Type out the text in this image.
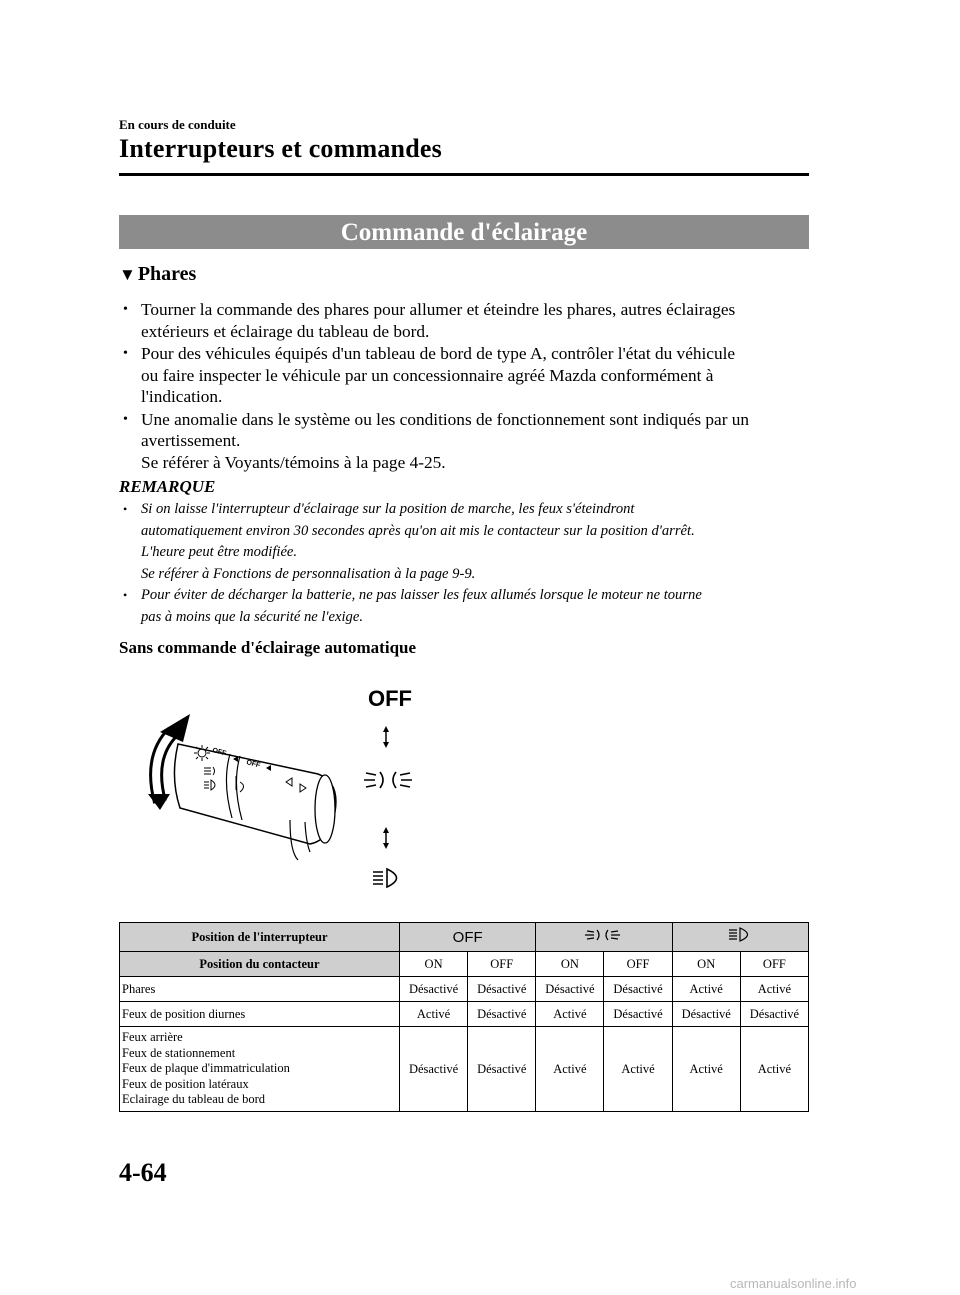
En cours de conduite
Interrupteurs et commandes
Commande d'éclairage
▼ Phares
• Tourner la commande des phares pour allumer et éteindre les phares, autres éclairages
extérieurs et éclairage du tableau de bord.
• Pour des véhicules équipés d'un tableau de bord de type A, contrôler l'état du véhicule
ou faire inspecter le véhicule par un concessionnaire agréé Mazda conformément à
l'indication.
• Une anomalie dans le système ou les conditions de fonctionnement sont indiqués par un
avertissement.
Se référer à Voyants/témoins à la page 4-25.
REMARQUE
• Si on laisse l'interrupteur d'éclairage sur la position de marche, les feux s'éteindront
automatiquement environ 30 secondes après qu'on ait mis le contacteur sur la position d'arrêt.
L'heure peut être modifiée.
Se référer à Fonctions de personnalisation à la page 9-9.
• Pour éviter de décharger la batterie, ne pas laisser les feux allumés lorsque le moteur ne tourne
pas à moins que la sécurité ne l'exige.
Sans commande d'éclairage automatique
OFF
OFF
OFF
Position de l'interrupteur	OFF		
Position du contacteur	ON	OFF	ON	OFF	ON	OFF
Phares	Désactivé	Désactivé	Désactivé	Désactivé	Activé	Activé
Feux de position diurnes	Activé	Désactivé	Activé	Désactivé	Désactivé	Désactivé
Feux arrière
Feux de stationnement
Feux de plaque d'immatriculation
Feux de position latéraux
Eclairage du tableau de bord	Désactivé	Désactivé	Activé	Activé	Activé	Activé
4-64
carmanualsonline.info
